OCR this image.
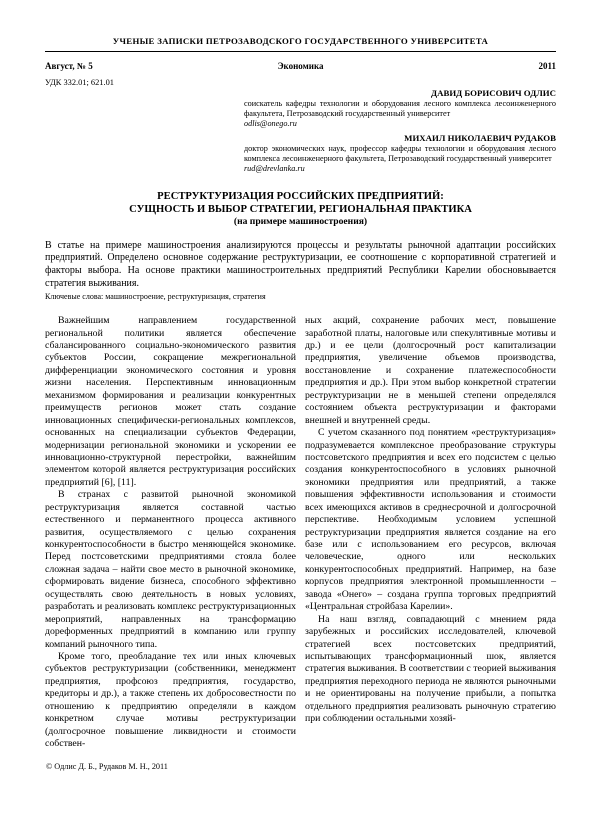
УЧЕНЫЕ ЗАПИСКИ ПЕТРОЗАВОДСКОГО ГОСУДАРСТВЕННОГО УНИВЕРСИТЕТА
Август, № 5	Экономика	2011
УДК 332.01; 621.01
ДАВИД БОРИСОВИЧ ОДЛИС
соискатель кафедры технологии и оборудования лесного комплекса лесоинженерного факультета, Петрозаводский государственный университет
odlis@onego.ru
МИХАИЛ НИКОЛАЕВИЧ РУДАКОВ
доктор экономических наук, профессор кафедры технологии и оборудования лесного комплекса лесоинженерного факультета, Петрозаводский государственный университет
rud@drevlanka.ru
РЕСТРУКТУРИЗАЦИЯ РОССИЙСКИХ ПРЕДПРИЯТИЙ:
СУЩНОСТЬ И ВЫБОР СТРАТЕГИИ, РЕГИОНАЛЬНАЯ ПРАКТИКА
(на примере машиностроения)
В статье на примере машиностроения анализируются процессы и результаты рыночной адаптации российских предприятий. Определено основное содержание реструктуризации, ее соотношение с корпоративной стратегией и факторы выбора. На основе практики машиностроительных предприятий Республики Карелии обосновывается стратегия выживания.
Ключевые слова: машиностроение, реструктуризация, стратегия

Важнейшим направлением государственной региональной политики является обеспечение сбалансированного социально-экономического развития субъектов России, сокращение межрегиональной дифференциации экономического состояния и уровня жизни населения. Перспективным инновационным механизмом формирования и реализации конкурентных преимуществ регионов может стать создание инновационных специфически-региональных комплексов, основанных на специализации субъектов Федерации, модернизации региональной экономики и ускорении ее инновационно-структурной перестройки, важнейшим элементом которой является реструктуризация российских предприятий [6], [11].

В странах с развитой рыночной экономикой реструктуризация является составной частью естественного и перманентного процесса активного развития, осуществляемого с целью сохранения конкурентоспособности в быстро меняющейся экономике. Перед постсоветскими предприятиями стояла более сложная задача – найти свое место в рыночной экономике, сформировать видение бизнеса, способного эффективно осуществлять свою деятельность в новых условиях, разработать и реализовать комплекс реструктуризационных мероприятий, направленных на трансформацию дореформенных предприятий в компанию или группу компаний рыночного типа.

Кроме того, преобладание тех или иных ключевых субъектов реструктуризации (собственники, менеджмент предприятия, профсоюз предприятия, государство, кредиторы и др.), а также степень их добросовестности по отношению к предприятию определяли в каждом конкретном случае мотивы реструктуризации (долгосрочное повышение ликвидности и стоимости собствен-

ных акций, сохранение рабочих мест, повышение заработной платы, налоговые или спекулятивные мотивы и др.) и ее цели (долгосрочный рост капитализации предприятия, увеличение объемов производства, восстановление и сохранение платежеспособности предприятия и др.). При этом выбор конкретной стратегии реструктуризации не в меньшей степени определялся состоянием объекта реструктуризации и факторами внешней и внутренней среды.

С учетом сказанного под понятием «реструктуризация» подразумевается комплексное преобразование структуры постсоветского предприятия и всех его подсистем с целью создания конкурентоспособного в условиях рыночной экономики предприятия или предприятий, а также повышения эффективности использования и стоимости всех имеющихся активов в среднесрочной и долгосрочной перспективе. Необходимым условием успешной реструктуризации предприятия является создание на его базе или с использованием его ресурсов, включая человеческие, одного или нескольких конкурентоспособных предприятий. Например, на базе корпусов предприятия электронной промышленности – завода «Онего» – создана группа торговых предприятий «Центральная стройбаза Карелии».

На наш взгляд, совпадающий с мнением ряда зарубежных и российских исследователей, ключевой стратегией всех постсоветских предприятий, испытывающих трансформационный шок, является стратегия выживания. В соответствии с теорией выживания предприятия переходного периода не являются рыночными и не ориентированы на получение прибыли, а попытка отдельного предприятия реализовать рыночную стратегию при соблюдении остальными хозяй-

© Одлис Д. Б., Рудаков М. Н., 2011
